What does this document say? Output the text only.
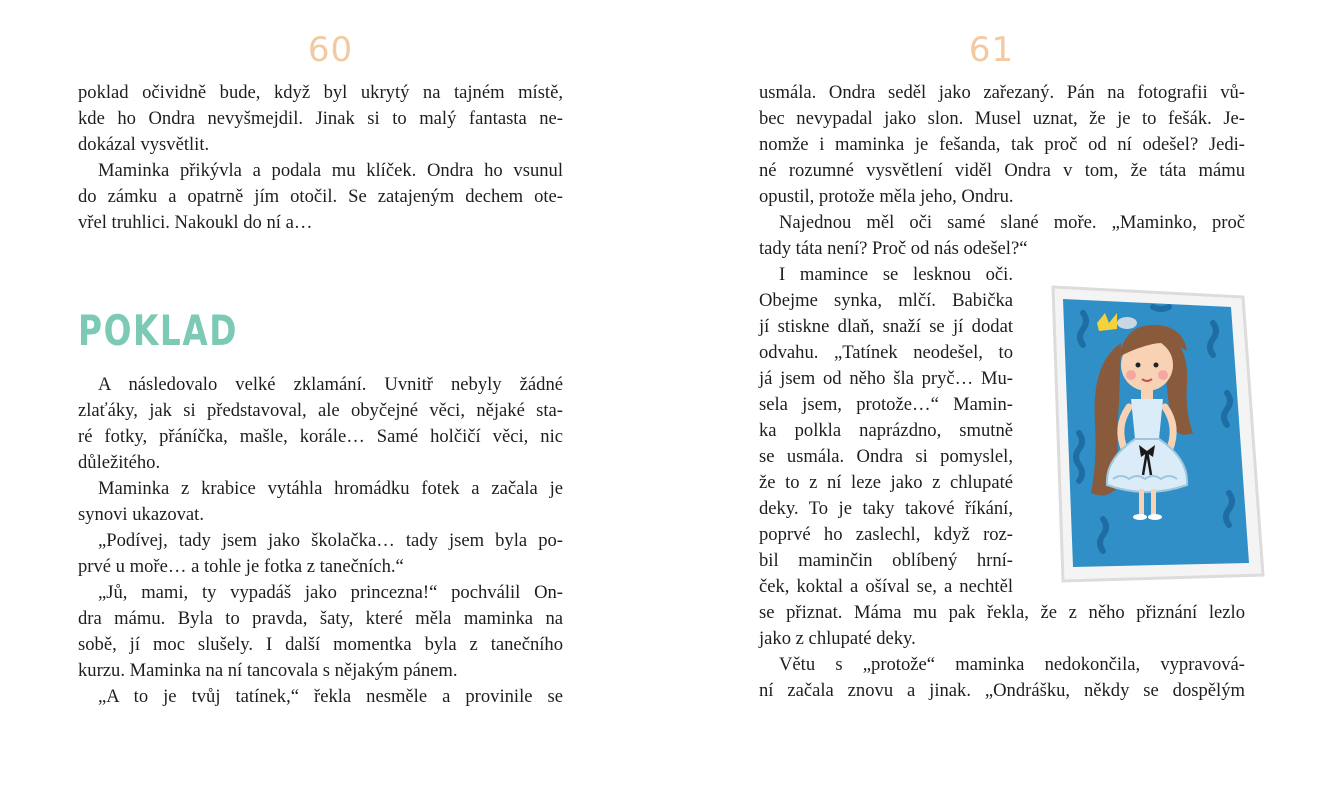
60
poklad očividně bude, když byl ukrytý na tajném místě,
kde ho Ondra nevyšmejdil. Jinak si to malý fantasta ne-
dokázal vysvětlit.
Maminka přikývla a podala mu klíček. Ondra ho vsunul
do zámku a opatrně jím otočil. Se zatajeným dechem ote-
vřel truhlici. Nakoukl do ní a…
POKLAD
A následovalo velké zklamání. Uvnitř nebyly žádné
zlaťáky, jak si představoval, ale obyčejné věci, nějaké sta-
ré fotky, přáníčka, mašle, korále… Samé holčičí věci, nic
důležitého.
Maminka z krabice vytáhla hromádku fotek a začala je
synovi ukazovat.
„Podívej, tady jsem jako školačka… tady jsem byla po-
prvé u moře… a tohle je fotka z tanečních.“
„Jů, mami, ty vypadáš jako princezna!“ pochválil On-
dra mámu. Byla to pravda, šaty, které měla maminka na
sobě, jí moc slušely. I další momentka byla z tanečního
kurzu. Maminka na ní tancovala s nějakým pánem.
„A to je tvůj tatínek,“ řekla nesměle a provinile se
61
usmála. Ondra seděl jako zařezaný. Pán na fotografii vů-
bec nevypadal jako slon. Musel uznat, že je to fešák. Je-
nomže i maminka je fešanda, tak proč od ní odešel? Jedi-
né rozumné vysvětlení viděl Ondra v tom, že táta mámu
opustil, protože měla jeho, Ondru.
Najednou měl oči samé slané moře. „Maminko, proč
tady táta není? Proč od nás odešel?“
I mamince se lesknou oči.
Obejme synka, mlčí. Babička
jí stiskne dlaň, snaží se jí dodat
odvahu. „Tatínek neodešel, to
já jsem od něho šla pryč… Mu-
sela jsem, protože…“ Mamin-
ka polkla naprázdno, smutně
se usmála. Ondra si pomyslel,
že to z ní leze jako z chlupaté
deky. To je taky takové říkání,
poprvé ho zaslechl, když roz-
bil maminčin oblíbený hrní-
ček, koktal a ošíval se, a nechtěl
se přiznat. Máma mu pak řekla, že z něho přiznání lezlo
jako z chlupaté deky.
Větu s „protože“ maminka nedokončila, vypravová-
ní začala znovu a jinak. „Ondrášku, někdy se dospělým
